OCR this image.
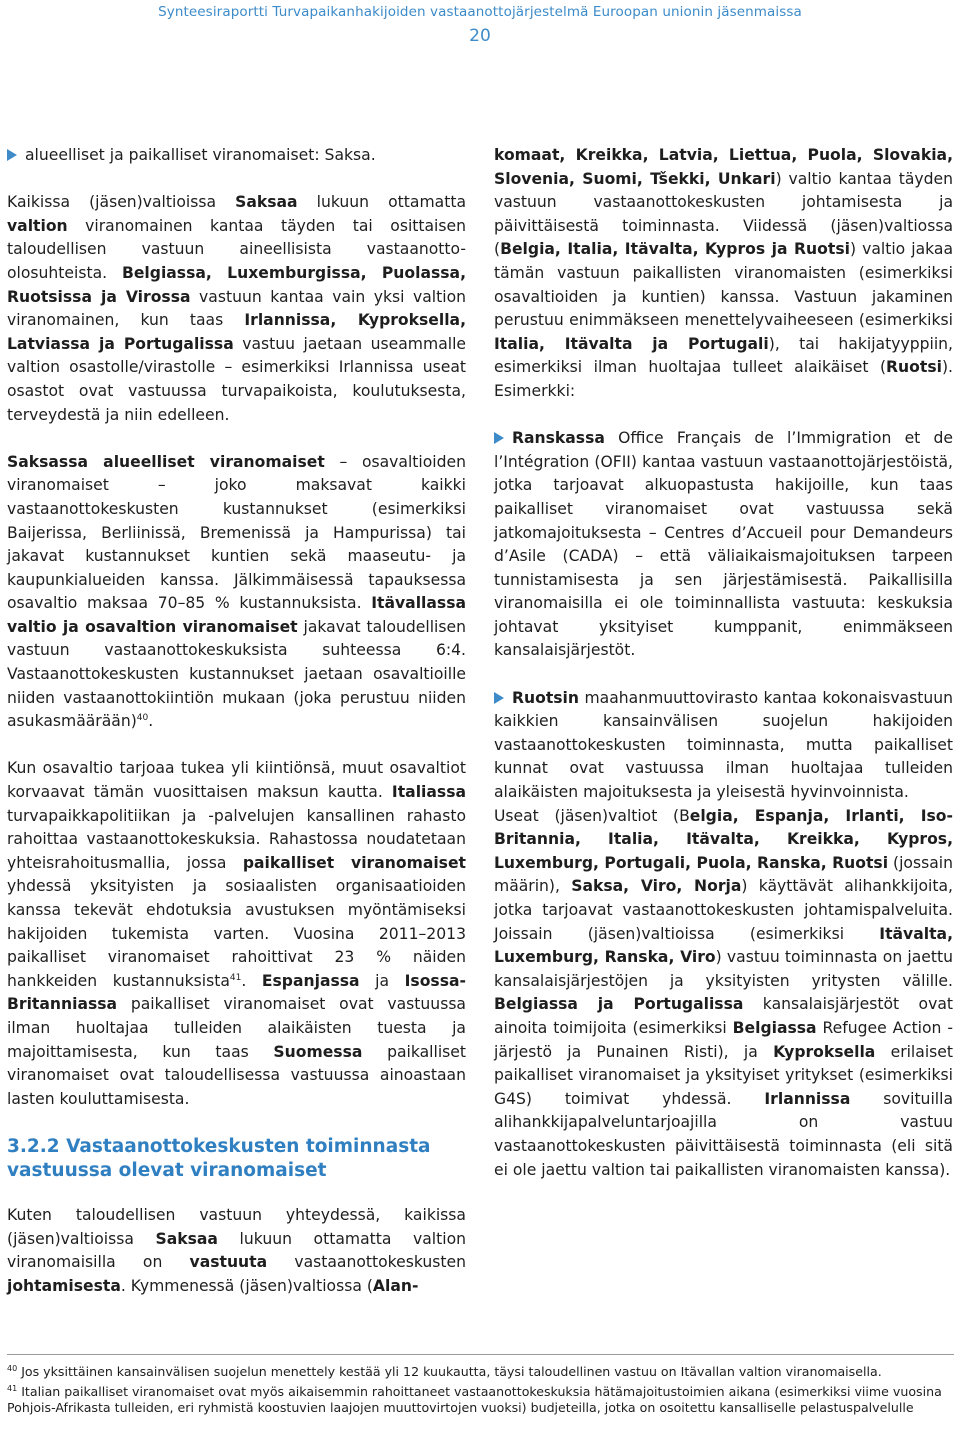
Synteesiraportti Turvapaikanhakijoiden vastaanottojärjestelmä Euroopan unionin jäsenmaissa
20
alueelliset ja paikalliset viranomaiset: Saksa.

Kaikissa (jäsen)valtioissa Saksaa lukuun ottamatta valtion viranomainen kantaa täyden tai osittaisen taloudellisen vastuun aineellisista vastaanotto-olosuhteista. Belgiassa, Luxemburgissa, Puolassa, Ruotsissa ja Virossa vastuun kantaa vain yksi valtion viranomainen, kun taas Irlannissa, Kyproksella, Latviassa ja Portugalissa vastuu jaetaan useammalle valtion osastolle/virastolle – esimerkiksi Irlannissa useat osastot ovat vastuussa turvapaikoista, koulutuksesta, terveydestä ja niin edelleen.

Saksassa alueelliset viranomaiset – osavaltioiden viranomaiset – joko maksavat kaikki vastaanottokeskusten kustannukset (esimerkiksi Baijerissa, Berliinissä, Bremenissä ja Hampurissa) tai jakavat kustannukset kuntien sekä maaseutu- ja kaupunkialueiden kanssa. Jälkimmäisessä tapauksessa osavaltio maksaa 70–85 % kustannuksista. Itävallassa valtio ja osavaltion viranomaiset jakavat taloudellisen vastuun vastaanottokeskuksista suhteessa 6:4. Vastaanottokeskusten kustannukset jaetaan osavaltioille niiden vastaanottokiintiön mukaan (joka perustuu niiden asukasmäärään)$^{40}$.

Kun osavaltio tarjoaa tukea yli kiintiönsä, muut osavaltiot korvaavat tämän vuosittaisen maksun kautta. Italiassa turvapaikkapolitiikan ja -palvelujen kansallinen rahasto rahoittaa vastaanottokeskuksia. Rahastossa noudatetaan yhteisrahoitusmallia, jossa paikalliset viranomaiset yhdessä yksityisten ja sosiaalisten organisaatioiden kanssa tekevät ehdotuksia avustuksen myöntämiseksi hakijoiden tukemista varten. Vuosina 2011–2013 paikalliset viranomaiset rahoittivat 23 % näiden hankkeiden kustannuksista$^{41}$. Espanjassa ja Isossa-Britanniassa paikalliset viranomaiset ovat vastuussa ilman huoltajaa tulleiden alaikäisten tuesta ja majoittamisesta, kun taas Suomessa paikalliset viranomaiset ovat taloudellisessa vastuussa ainoastaan lasten kouluttamisesta.

3.2.2 Vastaanottokeskusten toiminnasta vastuussa olevat viranomaiset

Kuten taloudellisen vastuun yhteydessä, kaikissa (jäsen)valtioissa Saksaa lukuun ottamatta valtion viranomaisilla on vastuuta vastaanottokeskusten johtamisesta. Kymmenessä (jäsen)valtiossa (Alan-

komaat, Kreikka, Latvia, Liettua, Puola, Slovakia, Slovenia, Suomi, Tšekki, Unkari) valtio kantaa täyden vastuun vastaanottokeskusten johtamisesta ja päivittäisestä toiminnasta. Viidessä (jäsen)valtiossa (Belgia, Italia, Itävalta, Kypros ja Ruotsi) valtio jakaa tämän vastuun paikallisten viranomaisten (esimerkiksi osavaltioiden ja kuntien) kanssa. Vastuun jakaminen perustuu enimmäkseen menettelyvaiheeseen (esimerkiksi Italia, Itävalta ja Portugali), tai hakijatyyppiin, esimerkiksi ilman huoltajaa tulleet alaikäiset (Ruotsi). Esimerkki:

Ranskassa Office Français de l’Immigration et de l’Intégration (OFII) kantaa vastuun vastaanottojärjestöistä, jotka tarjoavat alkuopastusta hakijoille, kun taas paikalliset viranomaiset ovat vastuussa sekä jatkomajoituksesta – Centres d’Accueil pour Demandeurs d’Asile (CADA) – että väliaikaismajoituksen tarpeen tunnistamisesta ja sen järjestämisestä. Paikallisilla viranomaisilla ei ole toiminnallista vastuuta: keskuksia johtavat yksityiset kumppanit, enimmäkseen kansalaisjärjestöt.

Ruotsin maahanmuuttovirasto kantaa kokonaisvastuun kaikkien kansainvälisen suojelun hakijoiden vastaanottokeskusten toiminnasta, mutta paikalliset kunnat ovat vastuussa ilman huoltajaa tulleiden alaikäisten majoituksesta ja yleisestä hyvinvoinnista.

Useat (jäsen)valtiot (Belgia, Espanja, Irlanti, Iso-Britannia, Italia, Itävalta, Kreikka, Kypros, Luxemburg, Portugali, Puola, Ranska, Ruotsi (jossain määrin), Saksa, Viro, Norja) käyttävät alihankkijoita, jotka tarjoavat vastaanottokeskusten johtamispalveluita. Joissain (jäsen)valtioissa (esimerkiksi Itävalta, Luxemburg, Ranska, Viro) vastuu toiminnasta on jaettu kansalaisjärjestöjen ja yksityisten yritysten välille. Belgiassa ja Portugalissa kansalaisjärjestöt ovat ainoita toimijoita (esimerkiksi Belgiassa Refugee Action -järjestö ja Punainen Risti), ja Kyproksella erilaiset paikalliset viranomaiset ja yksityiset yritykset (esimerkiksi G4S) toimivat yhdessä. Irlannissa sovituilla alihankkijapalveluntarjoajilla on vastuu vastaanottokeskusten päivittäisestä toiminnasta (eli sitä ei ole jaettu valtion tai paikallisten viranomaisten kanssa).

$^{40}$ Jos yksittäinen kansainvälisen suojelun menettely kestää yli 12 kuukautta, täysi taloudellinen vastuu on Itävallan valtion viranomaisella.

$^{41}$ Italian paikalliset viranomaiset ovat myös aikaisemmin rahoittaneet vastaanottokeskuksia hätämajoitustoimien aikana (esimerkiksi viime vuosina Pohjois-Afrikasta tulleiden, eri ryhmistä koostuvien laajojen muuttovirtojen vuoksi) budjeteilla, jotka on osoitettu kansalliselle pelastuspalvelulle
